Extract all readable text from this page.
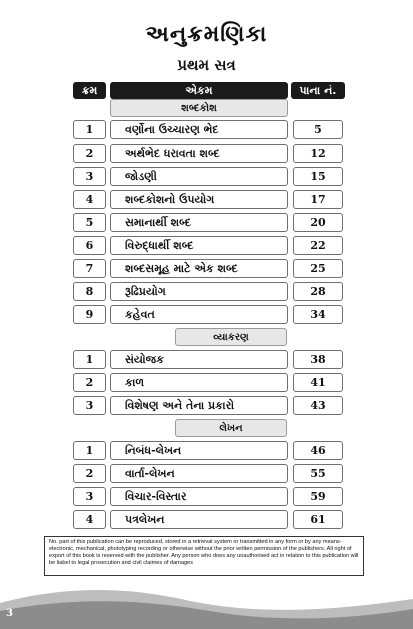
અનુક્રમણિકા
પ્રથમ સત્ર
ક્રમ	એકમ	પાના નં.
શબ્દકોશ
1	વર્ણોના ઉચ્ચારણ ભેદ	5
2	અર્થભેદ ધરાવતા શબ્દ	12
3	જોડણી	15
4	શબ્દકોશનો ઉપયોગ	17
5	સમાનાર્થી શબ્દ	20
6	વિરુદ્ધાર્થી શબ્દ	22
7	શબ્દસમૂહ માટે એક શબ્દ	25
8	રૂઢિપ્રયોગ	28
9	કહેવત	34
વ્યાકરણ
1	સંયોજક	38
2	કાળ	41
3	વિશેષણ અને તેના પ્રકારો	43
લેખન
1	નિબંધ-લેખન	46
2	વાર્તા-લેખન	55
3	વિચાર-વિસ્તાર	59
4	પત્રલેખન	61
No. part of this publication can be reproduced, stored in a retrieval system or transmitted in any form or by any means-electronic, mechanical, phototyping recording or otherwise without the prior written permission of the publishers. All right of export of this book is reserved with the publisher. Any person who does any unauthorised act in relation to this publication will be liabel to legal prosecution and civil claimes of damages
3
